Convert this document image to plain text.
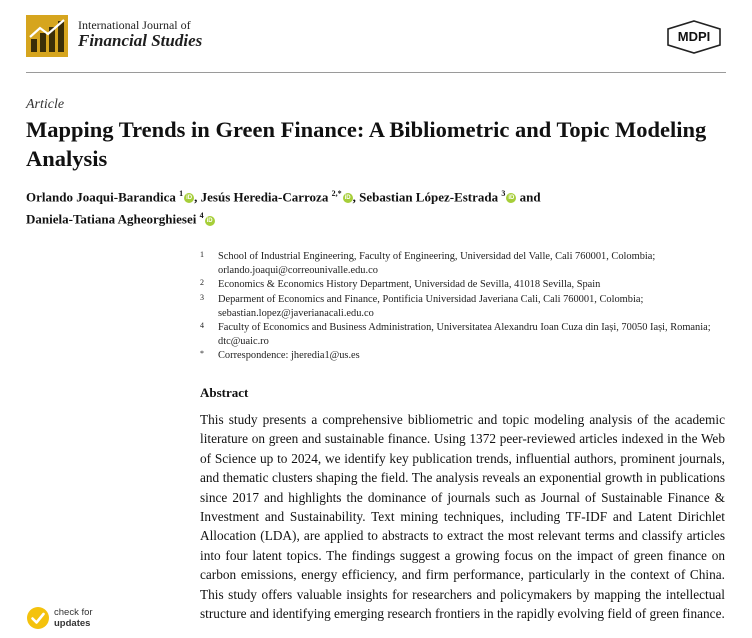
International Journal of
Financial Studies	MDPI
Article
Mapping Trends in Green Finance: A Bibliometric and Topic Modeling Analysis
Orlando Joaqui-Barandica $^1$iD , Jesús Heredia-Carroza $^{2,*}$iD , Sebastian López-Estrada $^3$iD and
Daniela-Tatiana Agheorghiesei $^4$iD
1 School of Industrial Engineering, Faculty of Engineering, Universidad del Valle, Cali 760001, Colombia; orlando.joaqui@correounivalle.edu.co
2 Economics & Economics History Department, Universidad de Sevilla, 41018 Sevilla, Spain
3 Deparment of Economics and Finance, Pontificia Universidad Javeriana Cali, Cali 760001, Colombia; sebastian.lopez@javerianacali.edu.co
4 Faculty of Economics and Business Administration, Universitatea Alexandru Ioan Cuza din Iași, 70050 Iași, Romania; dtc@uaic.ro
* Correspondence: jheredia1@us.es
Abstract
This study presents a comprehensive bibliometric and topic modeling analysis of the academic literature on green and sustainable finance. Using 1372 peer-reviewed articles indexed in the Web of Science up to 2024, we identify key publication trends, influential authors, prominent journals, and thematic clusters shaping the field. The analysis reveals an exponential growth in publications since 2017 and highlights the dominance of journals such as Journal of Sustainable Finance & Investment and Sustainability. Text mining techniques, including TF-IDF and Latent Dirichlet Allocation (LDA), are applied to abstracts to extract the most relevant terms and classify articles into four latent topics. The findings suggest a growing focus on the impact of green finance on carbon emissions, energy efficiency, and firm performance, particularly in the context of China. This study offers valuable insights for researchers and policymakers by mapping the intellectual structure and identifying emerging research frontiers in the rapidly evolving field of green finance.
check for
updates
